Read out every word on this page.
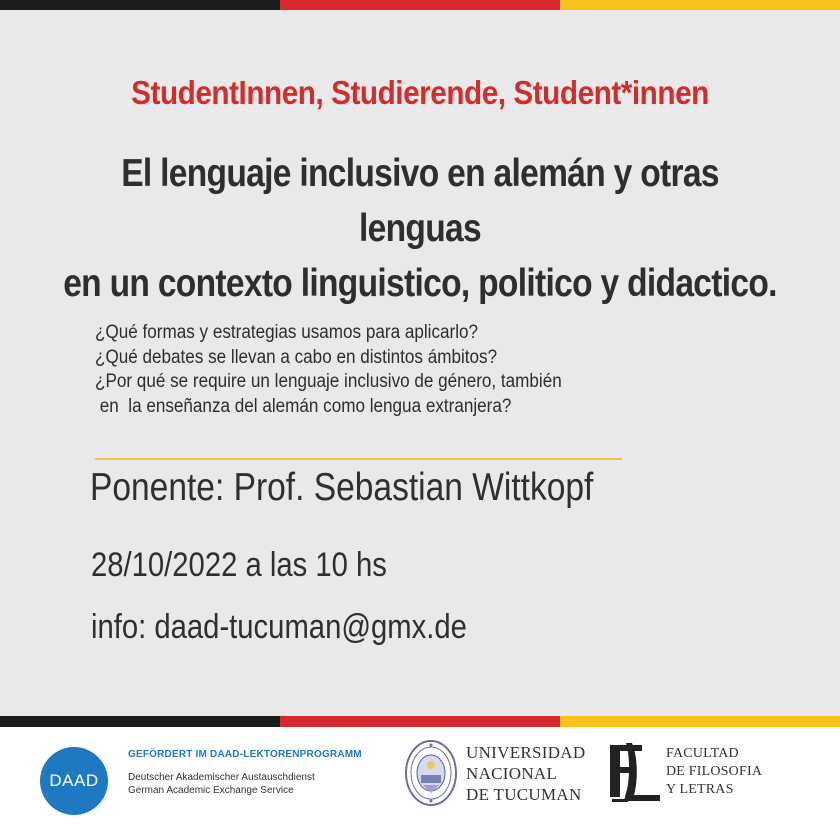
StudentInnen, Studierende, Student*innen
El lenguaje inclusivo en alemán y otras lenguas
en un contexto linguistico, politico y didactico.
¿Qué formas y estrategias usamos para aplicarlo?
¿Qué debates se llevan a cabo en distintos ámbitos?
¿Por qué se require un lenguaje inclusivo de género, también
en  la enseñanza del alemán como lengua extranjera?
Ponente: Prof. Sebastian Wittkopf
28/10/2022 a las 10 hs
info: daad-tucuman@gmx.de
DAAD
GEFÖRDERT IM DAAD-LEKTORENPROGRAMM
Deutscher Akademischer Austauschdienst
German Academic Exchange Service
UNIVERSIDAD
NACIONAL
DE TUCUMAN
FACULTAD
DE FILOSOFIA
Y LETRAS
